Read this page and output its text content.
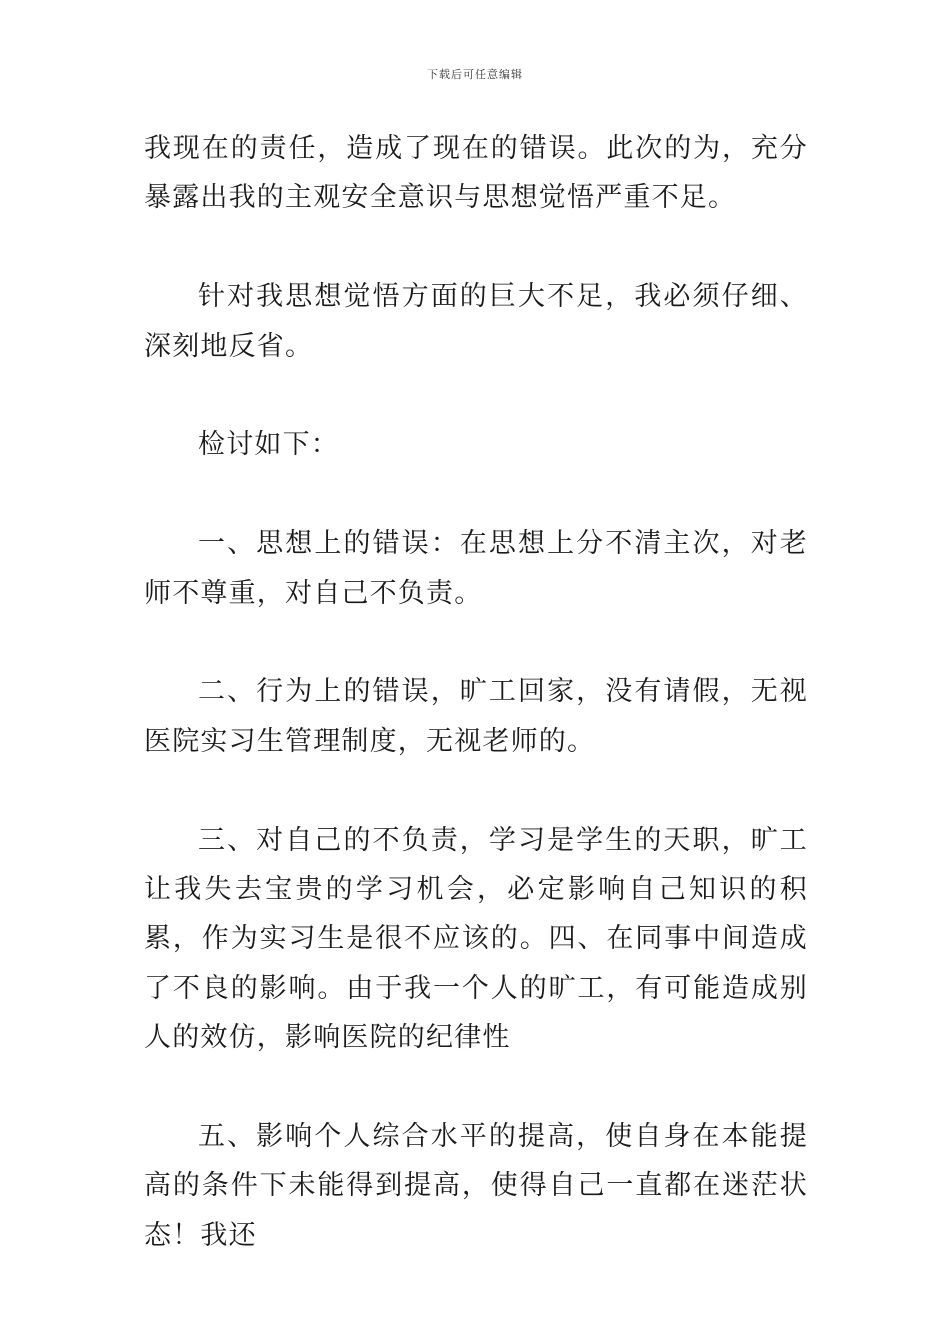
下载后可任意编辑

我现在的责任，造成了现在的错误。此次的为，充分暴露出我的主观安全意识与思想觉悟严重不足。

针对我思想觉悟方面的巨大不足，我必须仔细、深刻地反省。

检讨如下：

一、思想上的错误：在思想上分不清主次，对老师不尊重，对自己不负责。

二、行为上的错误，旷工回家，没有请假，无视医院实习生管理制度，无视老师的。

三、对自己的不负责，学习是学生的天职，旷工让我失去宝贵的学习机会，必定影响自己知识的积累，作为实习生是很不应该的。四、在同事中间造成了不良的影响。由于我一个人的旷工，有可能造成别人的效仿，影响医院的纪律性

五、影响个人综合水平的提高，使自身在本能提高的条件下未能得到提高，使得自己一直都在迷茫状态！我还
